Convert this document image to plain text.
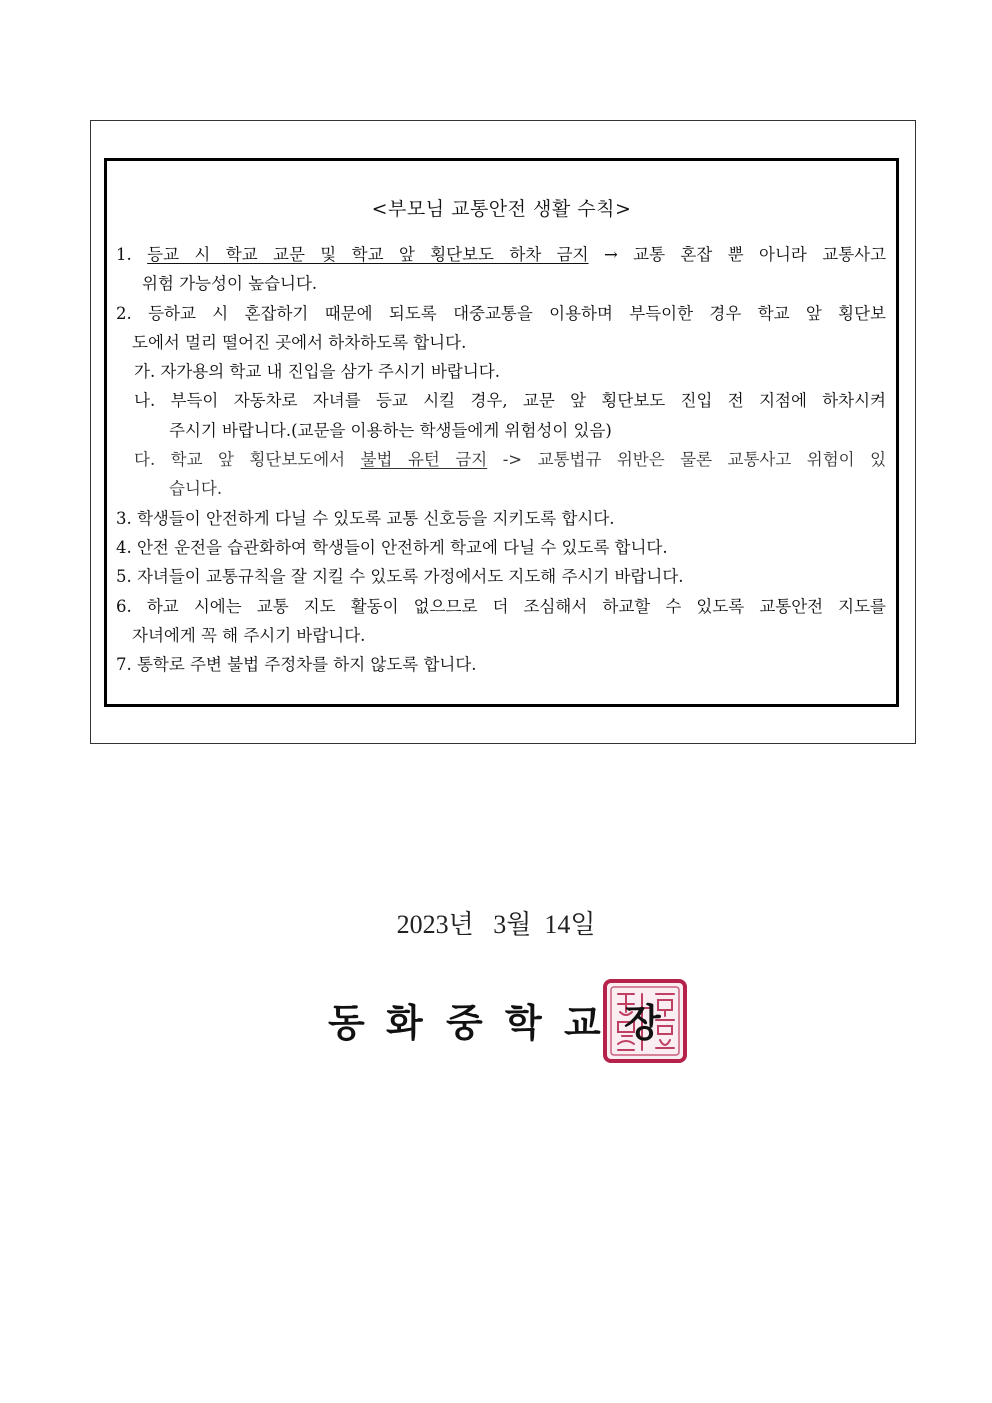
<부모님 교통안전 생활 수칙>
1. 등교 시 학교 교문 및 학교 앞 횡단보도 하차 금지 → 교통 혼잡 뿐 아니라 교통사고
위험 가능성이 높습니다.
2. 등하교 시 혼잡하기 때문에 되도록 대중교통을 이용하며 부득이한 경우 학교 앞 횡단보
도에서 멀리 떨어진 곳에서 하차하도록 합니다.
가. 자가용의 학교 내 진입을 삼가 주시기 바랍니다.
나. 부득이 자동차로 자녀를 등교 시킬 경우, 교문 앞 횡단보도 진입 전 지점에 하차시켜
주시기 바랍니다.(교문을 이용하는 학생들에게 위험성이 있음)
다. 학교 앞 횡단보도에서 불법 유턴 금지 -> 교통법규 위반은 물론 교통사고 위험이 있
습니다.
3. 학생들이 안전하게 다닐 수 있도록 교통 신호등을 지키도록 합시다.
4. 안전 운전을 습관화하여 학생들이 안전하게 학교에 다닐 수 있도록 합니다.
5. 자녀들이 교통규칙을 잘 지킬 수 있도록 가정에서도 지도해 주시기 바랍니다.
6. 하교 시에는 교통 지도 활동이 없으므로 더 조심해서 하교할 수 있도록 교통안전 지도를
자녀에게 꼭 해 주시기 바랍니다.
7. 통학로 주변 불법 주정차를 하지 않도록 합니다.
2023년 3월 14일
동 화 중 학 교 장
